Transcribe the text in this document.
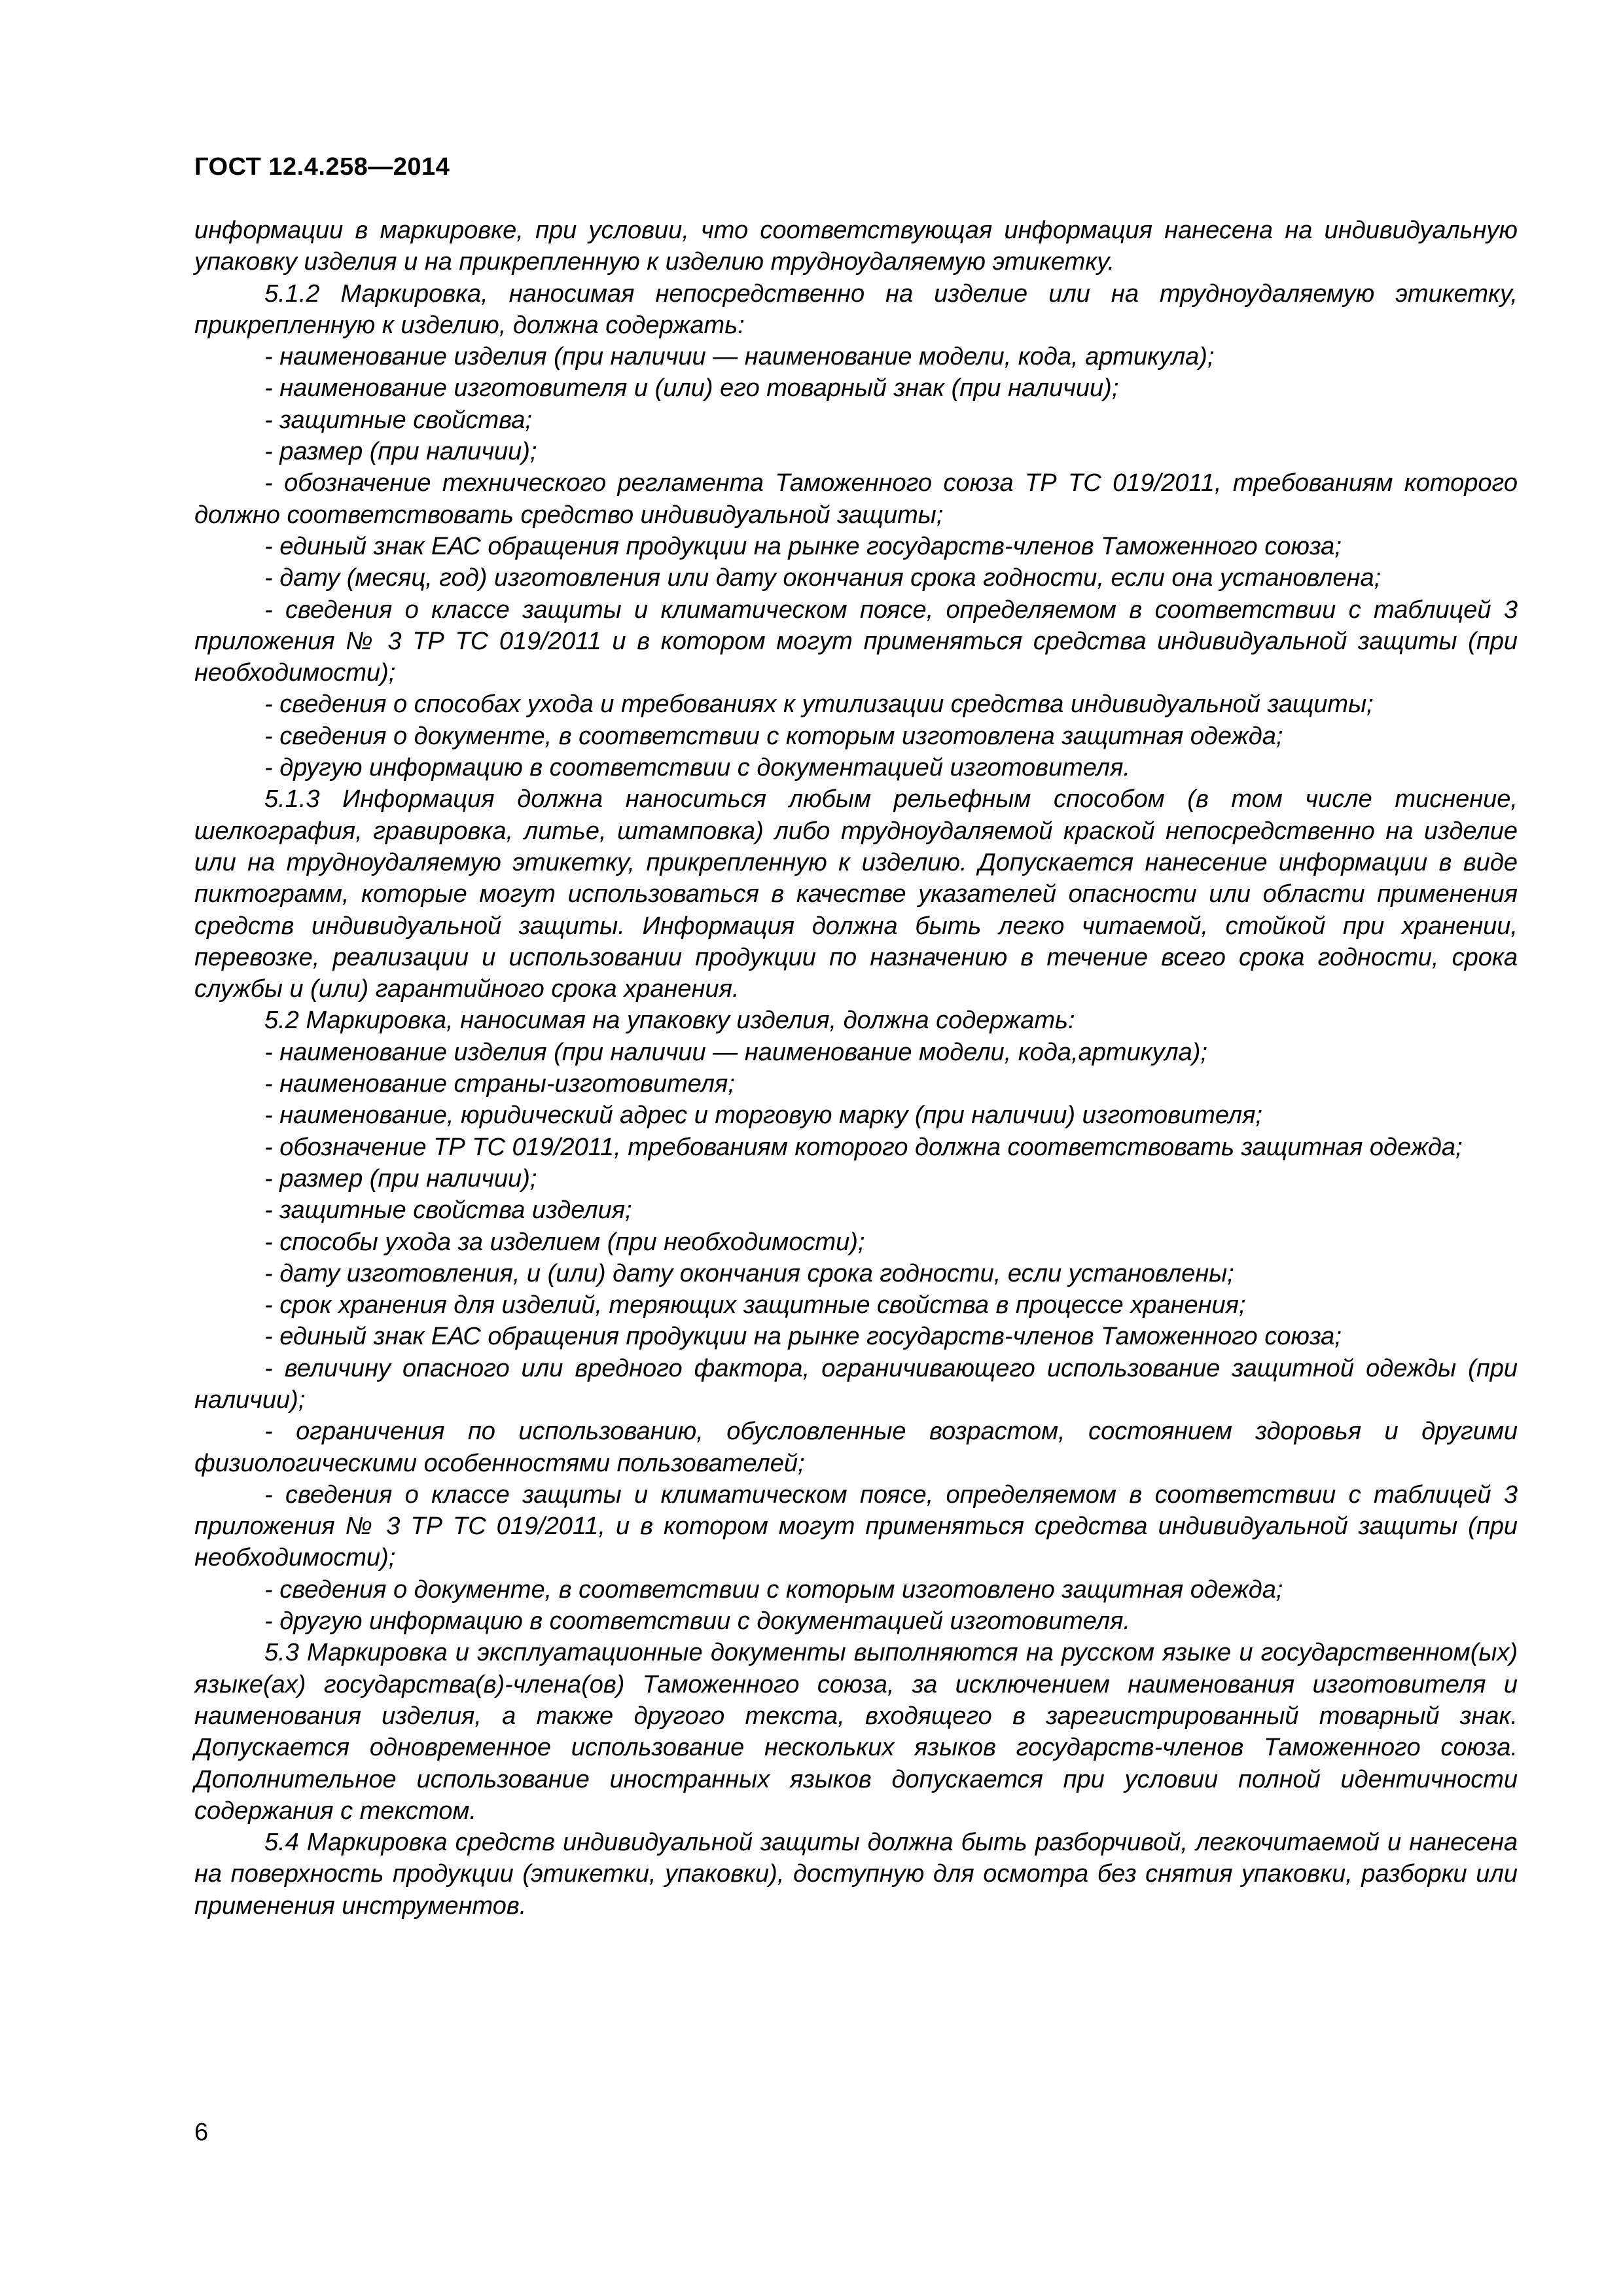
ГОСТ 12.4.258—2014

информации в маркировке, при условии, что соответствующая информация нанесена на индивидуальную упаковку изделия и на прикрепленную к изделию трудноудаляемую этикетку.

5.1.2 Маркировка, наносимая непосредственно на изделие или на трудноудаляемую этикетку, прикрепленную к изделию, должна содержать:

- наименование изделия (при наличии — наименование модели, кода, артикула);

- наименование изготовителя и (или) его товарный знак (при наличии);

- защитные свойства;

- размер (при наличии);

- обозначение технического регламента Таможенного союза ТР ТС 019/2011, требованиям которого должно соответствовать средство индивидуальной защиты;

- единый знак ЕАС обращения продукции на рынке государств-членов Таможенного союза;

- дату (месяц, год) изготовления или дату окончания срока годности, если она установлена;

- сведения о классе защиты и климатическом поясе, определяемом в соответствии с таблицей 3 приложения № 3 ТР ТС 019/2011 и в котором могут применяться средства индивидуальной защиты (при необходимости);

- сведения о способах ухода и требованиях к утилизации средства индивидуальной защиты;

- сведения о документе, в соответствии с которым изготовлена защитная одежда;

- другую информацию в соответствии с документацией изготовителя.

5.1.3 Информация должна наноситься любым рельефным способом (в том числе тиснение, шелкография, гравировка, литье, штамповка) либо трудноудаляемой краской непосредственно на изделие или на трудноудаляемую этикетку, прикрепленную к изделию. Допускается нанесение информации в виде пиктограмм, которые могут использоваться в качестве указателей опасности или области применения средств индивидуальной защиты. Информация должна быть легко читаемой, стойкой при хранении, перевозке, реализации и использовании продукции по назначению в течение всего срока годности, срока службы и (или) гарантийного срока хранения.

5.2 Маркировка, наносимая на упаковку изделия, должна содержать:

- наименование изделия (при наличии — наименование модели, кода,артикула);

- наименование страны-изготовителя;

- наименование, юридический адрес и торговую марку (при наличии) изготовителя;

- обозначение ТР ТС 019/2011, требованиям которого должна соответствовать защитная одежда;

- размер (при наличии);

- защитные свойства изделия;

- способы ухода за изделием (при необходимости);

- дату изготовления, и (или) дату окончания срока годности, если установлены;

- срок хранения для изделий, теряющих защитные свойства в процессе хранения;

- единый знак ЕАС обращения продукции на рынке государств-членов Таможенного союза;

- величину опасного или вредного фактора, ограничивающего использование защитной одежды (при наличии);

- ограничения по использованию, обусловленные возрастом, состоянием здоровья и другими физиологическими особенностями пользователей;

- сведения о классе защиты и климатическом поясе, определяемом в соответствии с таблицей 3 приложения № 3 ТР ТС 019/2011, и в котором могут применяться средства индивидуальной защиты (при необходимости);

- сведения о документе, в соответствии с которым изготовлено защитная одежда;

- другую информацию в соответствии с документацией изготовителя.

5.3 Маркировка и эксплуатационные документы выполняются на русском языке и государственном(ых) языке(ах) государства(в)-члена(ов) Таможенного союза, за исключением наименования изготовителя и наименования изделия, а также другого текста, входящего в зарегистрированный товарный знак. Допускается одновременное использование нескольких языков государств-членов Таможенного союза. Дополнительное использование иностранных языков допускается при условии полной идентичности содержания с текстом.

5.4 Маркировка средств индивидуальной защиты должна быть разборчивой, легкочитаемой и нанесена на поверхность продукции (этикетки, упаковки), доступную для осмотра без снятия упаковки, разборки или применения инструментов.

6
